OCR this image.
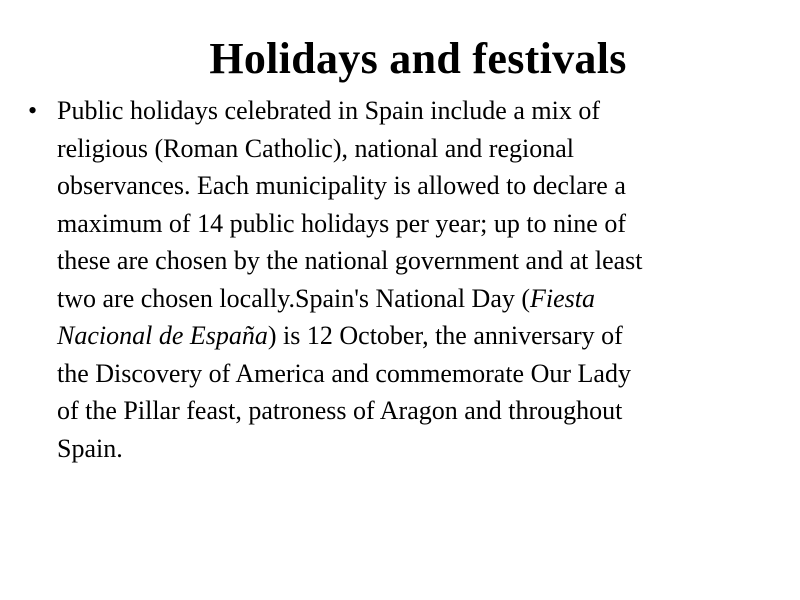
Holidays and festivals
• Public holidays celebrated in Spain include a mix of
religious (Roman Catholic), national and regional
observances. Each municipality is allowed to declare a
maximum of 14 public holidays per year; up to nine of
these are chosen by the national government and at least
two are chosen locally.Spain's National Day (Fiesta
Nacional de España) is 12 October, the anniversary of
the Discovery of America and commemorate Our Lady
of the Pillar feast, patroness of Aragon and throughout
Spain.
